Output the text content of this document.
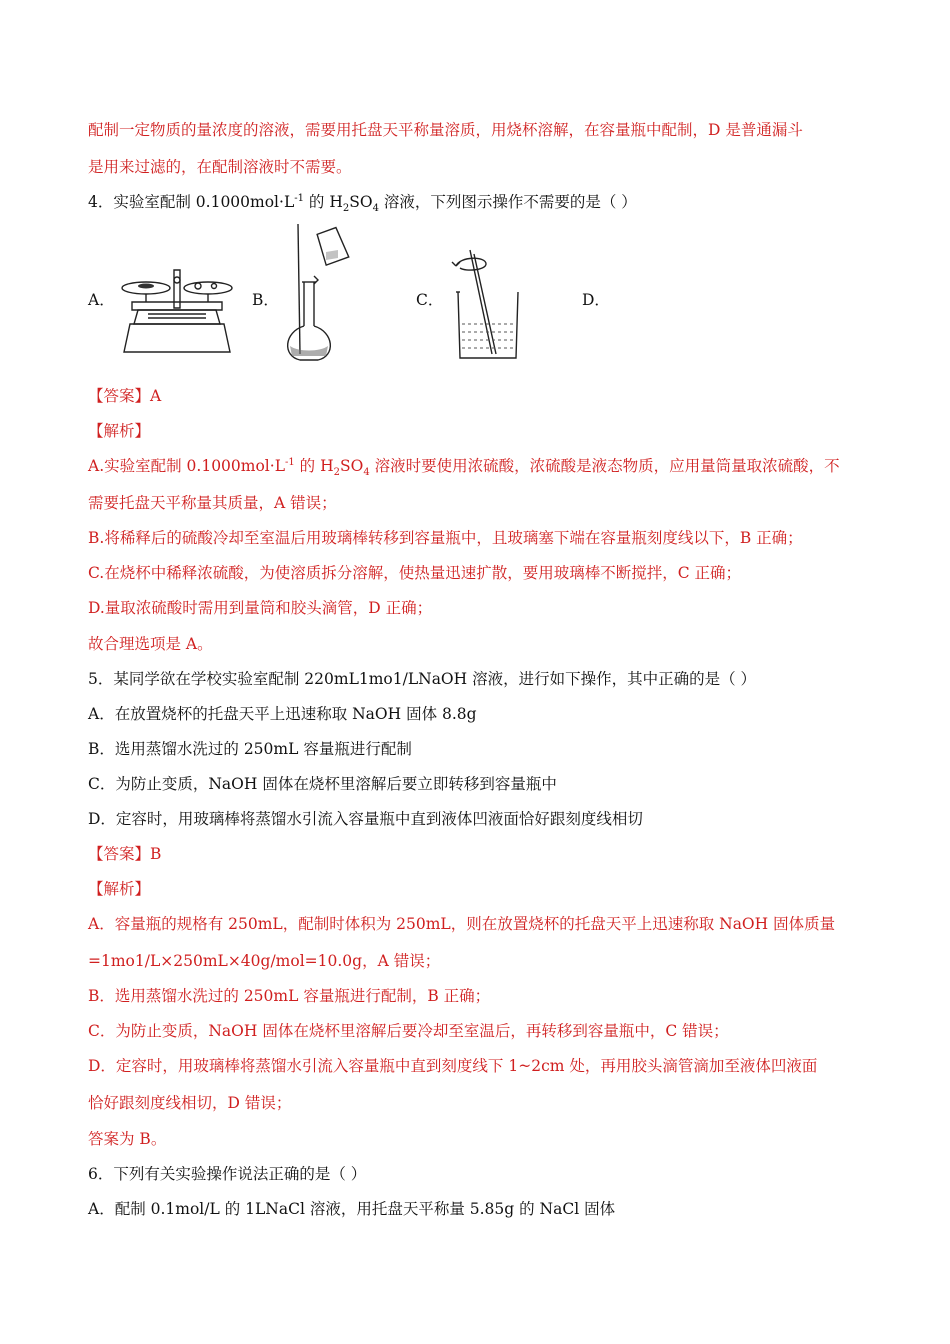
配制一定物质的量浓度的溶液，需要用托盘天平称量溶质，用烧杯溶解，在容量瓶中配制，D 是普通漏斗
是用来过滤的，在配制溶液时不需要。
4．实验室配制 $0.1000mol\cdot L^{-1}$ 的 $H_2SO_4$ 溶液，下列图示操作不需要的是（ ）
A．	B．	C．	D．
【答案】A
【解析】
A.实验室配制 $0.1000mol\cdot L^{-1}$ 的 $H_2SO_4$ 溶液时要使用浓硫酸，浓硫酸是液态物质，应用量筒量取浓硫酸，不
需要托盘天平称量其质量，A 错误；
B.将稀释后的硫酸冷却至室温后用玻璃棒转移到容量瓶中，且玻璃塞下端在容量瓶刻度线以下，B 正确；
C.在烧杯中稀释浓硫酸，为使溶质拆分溶解，使热量迅速扩散，要用玻璃棒不断搅拌，C 正确；
D.量取浓硫酸时需用到量筒和胶头滴管，D 正确；
故合理选项是 A。
5．某同学欲在学校实验室配制 220mL1mo1/LNaOH 溶液，进行如下操作，其中正确的是（ ）
A．在放置烧杯的托盘天平上迅速称取 NaOH 固体 8.8g
B．选用蒸馏水洗过的 250mL 容量瓶进行配制
C．为防止变质，NaOH 固体在烧杯里溶解后要立即转移到容量瓶中
D．定容时，用玻璃棒将蒸馏水引流入容量瓶中直到液体凹液面恰好跟刻度线相切
【答案】B
【解析】
A．容量瓶的规格有 250mL，配制时体积为 250mL，则在放置烧杯的托盘天平上迅速称取 NaOH 固体质量
=1mo1/L×250mL×40g/mol=10.0g，A 错误；
B．选用蒸馏水洗过的 250mL 容量瓶进行配制，B 正确；
C．为防止变质，NaOH 固体在烧杯里溶解后要冷却至室温后，再转移到容量瓶中，C 错误；
D．定容时，用玻璃棒将蒸馏水引流入容量瓶中直到刻度线下 1~2cm 处，再用胶头滴管滴加至液体凹液面
恰好跟刻度线相切，D 错误；
答案为 B。
6．下列有关实验操作说法正确的是（ ）
A．配制 0.1mol/L 的 1LNaCl 溶液，用托盘天平称量 5.85g 的 NaCl 固体
